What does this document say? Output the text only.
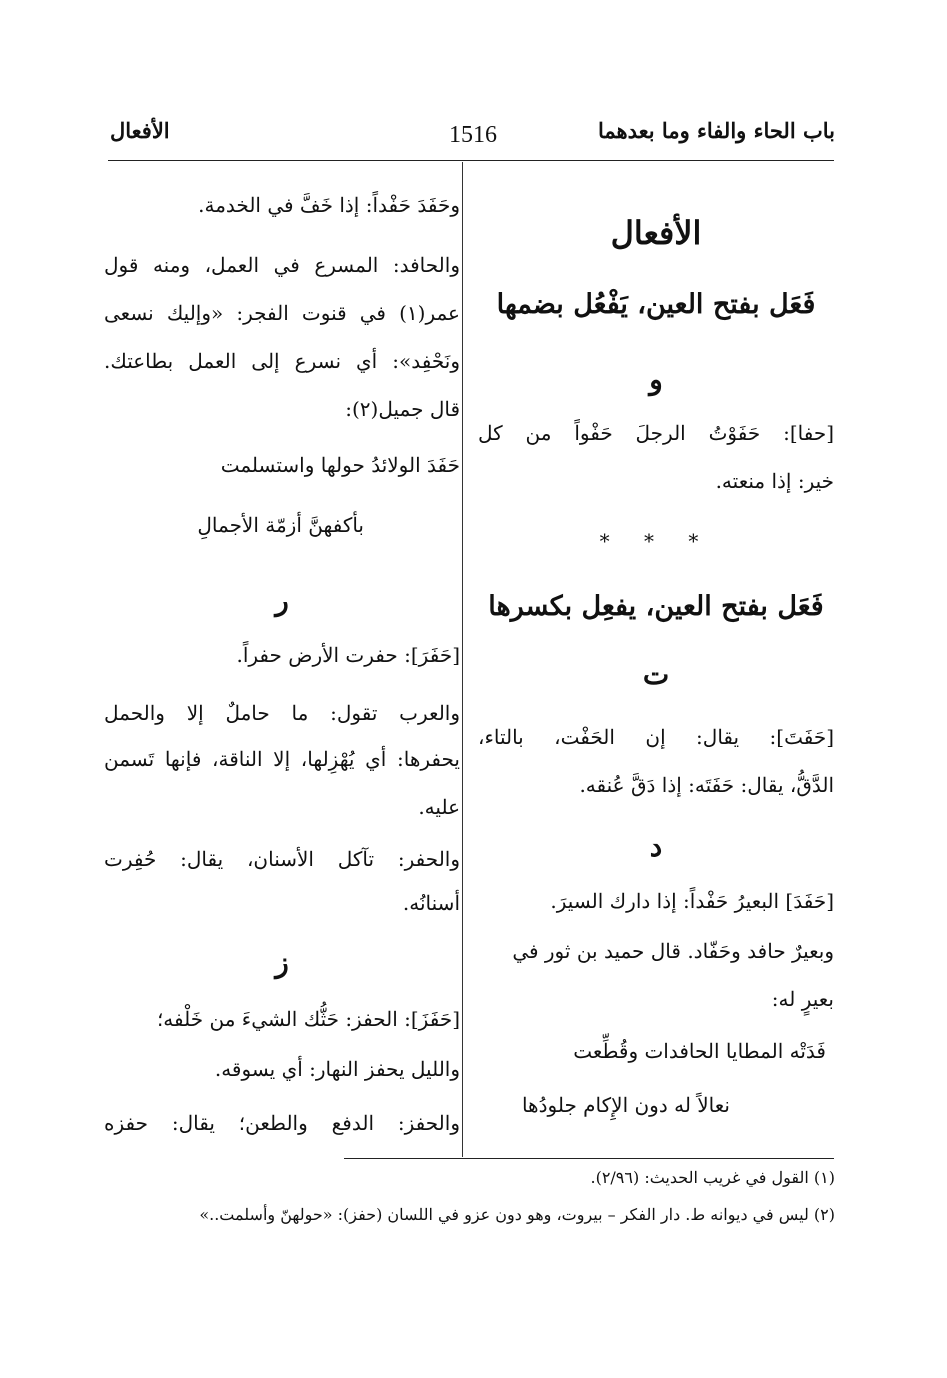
باب الحاء والفاء وما بعدهما
1516
الأفعال
الأفعال
فَعَل بفتح العين، يَفْعُل بضمها
و
[حفا]: حَفَوْتُ الرجلَ حَفْواً من كل
خير: إذا منعته.
* * *
فَعَل بفتح العين، يفعِل بكسرها
ت
[حَفَتَ]: يقال: إن الحَفْت، بالتاء،
الدَّقُّ، يقال: حَفَتَه: إذا دَقَّ عُنقه.
د
[حَفَدَ] البعيرُ حَفْداً: إذا دارك السيرَ.
وبعيرٌ حافد وحَفّاد. قال حميد بن ثور في
بعيرٍ له:
فَدَتْه المطايا الحافدات وقُطِّعت
نعالاً له دون الإِكام جلودُها
وحَفَدَ حَفْداً: إذا خَفَّ في الخدمة.
والحافد: المسرع في العمل، ومنه قول
عمر(١) في قنوت الفجر: «وإليك نسعى
ونَحْفِد»: أي نسرع إلى العمل بطاعتك.
قال جميل(٢):
حَفَدَ الولائدُ حولها واستسلمت
بأكفهنَّ أزمّة الأجمالِ
ر
[حَفَرَ]: حفرت الأرض حفراً.
والعرب تقول: ما حاملٌ إلا والحمل
يحفرها: أي يُهْزِلها، إلا الناقة، فإنها تَسمن
عليه.
والحفر: تآكل الأسنان، يقال: حُفِرت
أسنانُه.
ز
[حَفَزَ]: الحفز: حَثُّك الشيءَ من خَلْفه؛
والليل يحفز النهار: أي يسوقه.
والحفز: الدفع والطعن؛ يقال: حفزه
(١) القول في غريب الحديث: (٢/٩٦).
(٢) ليس في ديوانه ط. دار الفكر – بيروت، وهو دون عزو في اللسان (حفز): «حولهنّ وأسلمت..»
